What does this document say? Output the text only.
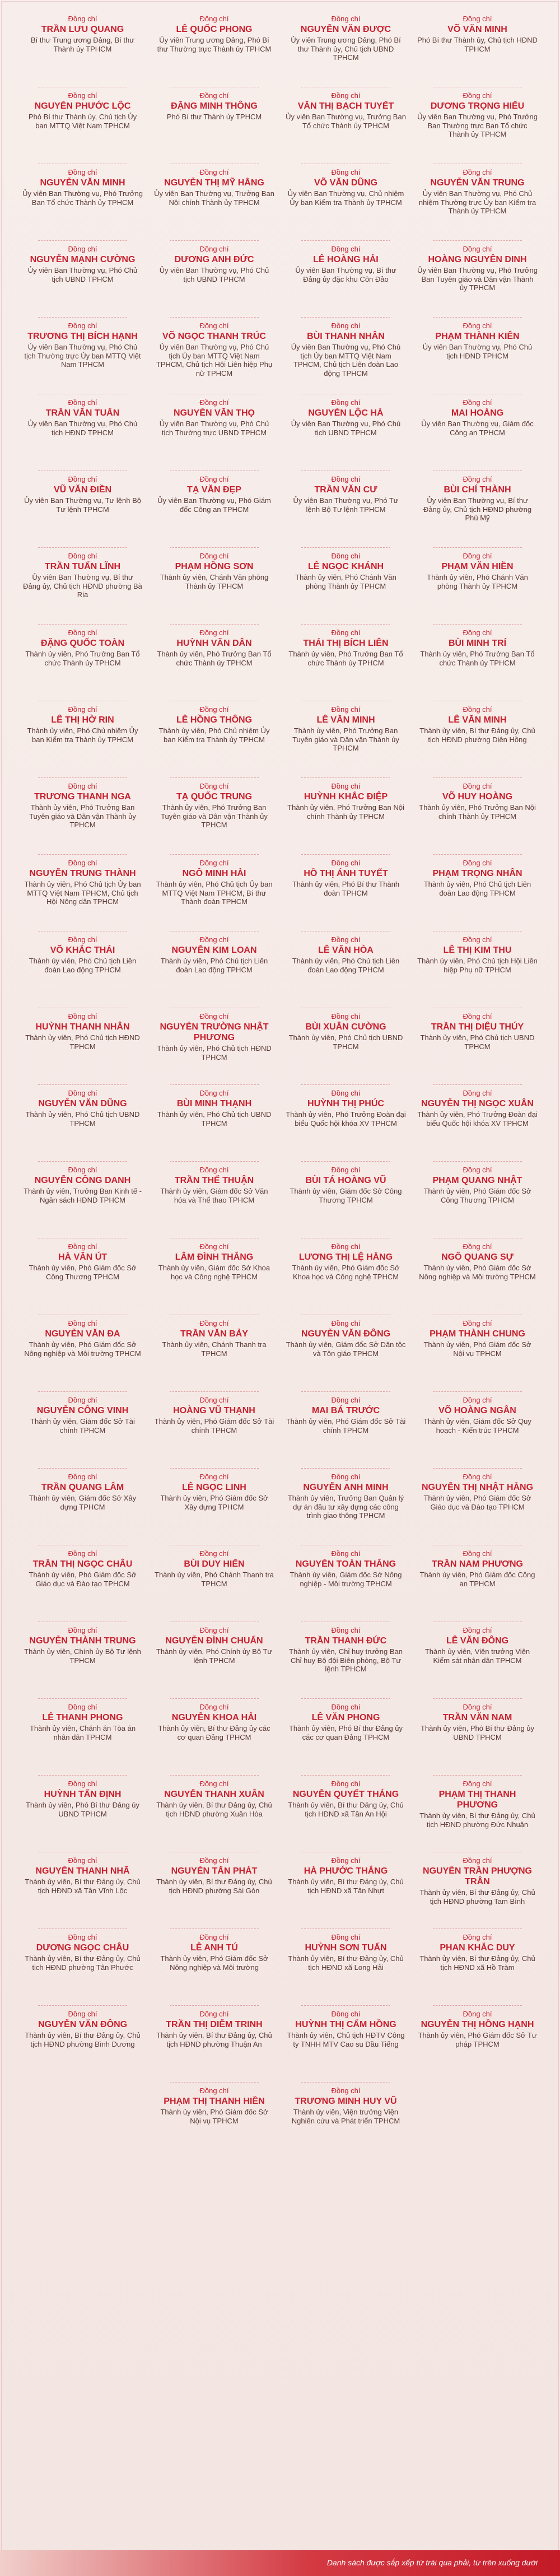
Đồng chí
TRẦN LƯU QUANG
Bí thư Trung ương Đảng, Bí thư Thành ủy TPHCM
Đồng chí
LÊ QUỐC PHONG
Ủy viên Trung ương Đảng, Phó Bí thư Thường trực Thành ủy TPHCM
Đồng chí
NGUYỄN VĂN ĐƯỢC
Ủy viên Trung ương Đảng, Phó Bí thư Thành ủy, Chủ tịch UBND TPHCM
Đồng chí
VÕ VĂN MINH
Phó Bí thư Thành ủy, Chủ tịch HĐND TPHCM
Đồng chí
NGUYỄN PHƯỚC LỘC
Phó Bí thư Thành ủy, Chủ tịch Ủy ban MTTQ Việt Nam TPHCM
Đồng chí
ĐẶNG MINH THÔNG
Phó Bí thư Thành ủy TPHCM
Đồng chí
VĂN THỊ BẠCH TUYẾT
Ủy viên Ban Thường vụ, Trưởng Ban Tổ chức Thành ủy TPHCM
Đồng chí
DƯƠNG TRỌNG HIẾU
Ủy viên Ban Thường vụ, Phó Trưởng Ban Thường trực Ban Tổ chức Thành ủy TPHCM
Đồng chí
NGUYỄN VĂN MINH
Ủy viên Ban Thường vụ, Phó Trưởng Ban Tổ chức Thành ủy TPHCM
Đồng chí
NGUYỄN THỊ MỸ HẰNG
Ủy viên Ban Thường vụ, Trưởng Ban Nội chính Thành ủy TPHCM
Đồng chí
VÕ VĂN DŨNG
Ủy viên Ban Thường vụ, Chủ nhiệm Ủy ban Kiểm tra Thành ủy TPHCM
Đồng chí
NGUYỄN VĂN TRUNG
Ủy viên Ban Thường vụ, Phó Chủ nhiệm Thường trực Ủy ban Kiểm tra Thành ủy TPHCM
Đồng chí
NGUYỄN MẠNH CƯỜNG
Ủy viên Ban Thường vụ, Phó Chủ tịch UBND TPHCM
Đồng chí
DƯƠNG ANH ĐỨC
Ủy viên Ban Thường vụ, Phó Chủ tịch UBND TPHCM
Đồng chí
LÊ HOÀNG HẢI
Ủy viên Ban Thường vụ, Bí thư Đảng ủy đặc khu Côn Đảo
Đồng chí
HOÀNG NGUYÊN DINH
Ủy viên Ban Thường vụ, Phó Trưởng Ban Tuyên giáo và Dân vận Thành ủy TPHCM
Đồng chí
TRƯƠNG THỊ BÍCH HẠNH
Ủy viên Ban Thường vụ, Phó Chủ tịch Thường trực Ủy ban MTTQ Việt Nam TPHCM
Đồng chí
VÕ NGỌC THANH TRÚC
Ủy viên Ban Thường vụ, Phó Chủ tịch Ủy ban MTTQ Việt Nam TPHCM, Chủ tịch Hội Liên hiệp Phụ nữ TPHCM
Đồng chí
BÙI THANH NHÂN
Ủy viên Ban Thường vụ, Phó Chủ tịch Ủy ban MTTQ Việt Nam TPHCM, Chủ tịch Liên đoàn Lao động TPHCM
Đồng chí
PHẠM THÀNH KIÊN
Ủy viên Ban Thường vụ, Phó Chủ tịch HĐND TPHCM
Đồng chí
TRẦN VĂN TUẤN
Ủy viên Ban Thường vụ, Phó Chủ tịch HĐND TPHCM
Đồng chí
NGUYỄN VĂN THỌ
Ủy viên Ban Thường vụ, Phó Chủ tịch Thường trực UBND TPHCM
Đồng chí
NGUYỄN LỘC HÀ
Ủy viên Ban Thường vụ, Phó Chủ tịch UBND TPHCM
Đồng chí
MAI HOÀNG
Ủy viên Ban Thường vụ, Giám đốc Công an TPHCM
Đồng chí
VŨ VĂN ĐIỀN
Ủy viên Ban Thường vụ, Tư lệnh Bộ Tư lệnh TPHCM
Đồng chí
TẠ VĂN ĐẸP
Ủy viên Ban Thường vụ, Phó Giám đốc Công an TPHCM
Đồng chí
TRẦN VĂN CƯ
Ủy viên Ban Thường vụ, Phó Tư lệnh Bộ Tư lệnh TPHCM
Đồng chí
BÙI CHÍ THÀNH
Ủy viên Ban Thường vụ, Bí thư Đảng ủy, Chủ tịch HĐND phường Phú Mỹ
Đồng chí
TRẦN TUẤN LĨNH
Ủy viên Ban Thường vụ, Bí thư Đảng ủy, Chủ tịch HĐND phường Bà Rịa
Đồng chí
PHẠM HỒNG SƠN
Thành ủy viên, Chánh Văn phòng Thành ủy TPHCM
Đồng chí
LÊ NGỌC KHÁNH
Thành ủy viên, Phó Chánh Văn phòng Thành ủy TPHCM
Đồng chí
PHẠM VĂN HIỀN
Thành ủy viên, Phó Chánh Văn phòng Thành ủy TPHCM
Đồng chí
ĐẶNG QUỐC TOÀN
Thành ủy viên, Phó Trưởng Ban Tổ chức Thành ủy TPHCM
Đồng chí
HUỲNH VĂN DÂN
Thành ủy viên, Phó Trưởng Ban Tổ chức Thành ủy TPHCM
Đồng chí
THÁI THỊ BÍCH LIÊN
Thành ủy viên, Phó Trưởng Ban Tổ chức Thành ủy TPHCM
Đồng chí
BÙI MINH TRÍ
Thành ủy viên, Phó Trưởng Ban Tổ chức Thành ủy TPHCM
Đồng chí
LÊ THỊ HỜ RIN
Thành ủy viên, Phó Chủ nhiệm Ủy ban Kiểm tra Thành ủy TPHCM
Đồng chí
LÊ HỒNG THÔNG
Thành ủy viên, Phó Chủ nhiệm Ủy ban Kiểm tra Thành ủy TPHCM
Đồng chí
LÊ VĂN MINH
Thành ủy viên, Phó Trưởng Ban Tuyên giáo và Dân vận Thành ủy TPHCM
Đồng chí
LÊ VĂN MINH
Thành ủy viên, Bí thư Đảng ủy, Chủ tịch HĐND phường Diên Hồng
Đồng chí
TRƯƠNG THANH NGA
Thành ủy viên, Phó Trưởng Ban Tuyên giáo và Dân vận Thành ủy TPHCM
Đồng chí
TẠ QUỐC TRUNG
Thành ủy viên, Phó Trưởng Ban Tuyên giáo và Dân vận Thành ủy TPHCM
Đồng chí
HUỲNH KHẮC ĐIỆP
Thành ủy viên, Phó Trưởng Ban Nội chính Thành ủy TPHCM
Đồng chí
VÕ HUY HOÀNG
Thành ủy viên, Phó Trưởng Ban Nội chính Thành ủy TPHCM
Đồng chí
NGUYỄN TRUNG THÀNH
Thành ủy viên, Phó Chủ tịch Ủy ban MTTQ Việt Nam TPHCM, Chủ tịch Hội Nông dân TPHCM
Đồng chí
NGÔ MINH HẢI
Thành ủy viên, Phó Chủ tịch Ủy ban MTTQ Việt Nam TPHCM, Bí thư Thành đoàn TPHCM
Đồng chí
HỒ THỊ ÁNH TUYẾT
Thành ủy viên, Phó Bí thư Thành đoàn TPHCM
Đồng chí
PHẠM TRỌNG NHÂN
Thành ủy viên, Phó Chủ tịch Liên đoàn Lao động TPHCM
Đồng chí
VÕ KHẮC THÁI
Thành ủy viên, Phó Chủ tịch Liên đoàn Lao động TPHCM
Đồng chí
NGUYỄN KIM LOAN
Thành ủy viên, Phó Chủ tịch Liên đoàn Lao động TPHCM
Đồng chí
LÊ VĂN HÒA
Thành ủy viên, Phó Chủ tịch Liên đoàn Lao động TPHCM
Đồng chí
LÊ THỊ KIM THU
Thành ủy viên, Phó Chủ tịch Hội Liên hiệp Phụ nữ TPHCM
Đồng chí
HUỲNH THANH NHÂN
Thành ủy viên, Phó Chủ tịch HĐND TPHCM
Đồng chí
NGUYỄN TRƯỜNG NHẬT PHƯƠNG
Thành ủy viên, Phó Chủ tịch HĐND TPHCM
Đồng chí
BÙI XUÂN CƯỜNG
Thành ủy viên, Phó Chủ tịch UBND TPHCM
Đồng chí
TRẦN THỊ DIỆU THÚY
Thành ủy viên, Phó Chủ tịch UBND TPHCM
Đồng chí
NGUYỄN VĂN DŨNG
Thành ủy viên, Phó Chủ tịch UBND TPHCM
Đồng chí
BÙI MINH THẠNH
Thành ủy viên, Phó Chủ tịch UBND TPHCM
Đồng chí
HUỲNH THỊ PHÚC
Thành ủy viên, Phó Trưởng Đoàn đại biểu Quốc hội khóa XV TPHCM
Đồng chí
NGUYỄN THỊ NGỌC XUÂN
Thành ủy viên, Phó Trưởng Đoàn đại biểu Quốc hội khóa XV TPHCM
Đồng chí
NGUYỄN CÔNG DANH
Thành ủy viên, Trưởng Ban Kinh tế - Ngân sách HĐND TPHCM
Đồng chí
TRẦN THẾ THUẬN
Thành ủy viên, Giám đốc Sở Văn hóa và Thể thao TPHCM
Đồng chí
BÙI TÁ HOÀNG VŨ
Thành ủy viên, Giám đốc Sở Công Thương TPHCM
Đồng chí
PHẠM QUANG NHẬT
Thành ủy viên, Phó Giám đốc Sở Công Thương TPHCM
Đồng chí
HÀ VĂN ÚT
Thành ủy viên, Phó Giám đốc Sở Công Thương TPHCM
Đồng chí
LÂM ĐÌNH THẮNG
Thành ủy viên, Giám đốc Sở Khoa học và Công nghệ TPHCM
Đồng chí
LƯƠNG THỊ LỆ HẰNG
Thành ủy viên, Phó Giám đốc Sở Khoa học và Công nghệ TPHCM
Đồng chí
NGÔ QUANG SỰ
Thành ủy viên, Phó Giám đốc Sở Nông nghiệp và Môi trường TPHCM
Đồng chí
NGUYỄN VĂN ĐA
Thành ủy viên, Phó Giám đốc Sở Nông nghiệp và Môi trường TPHCM
Đồng chí
TRẦN VĂN BẢY
Thành ủy viên, Chánh Thanh tra TPHCM
Đồng chí
NGUYỄN VĂN ĐÔNG
Thành ủy viên, Giám đốc Sở Dân tộc và Tôn giáo TPHCM
Đồng chí
PHẠM THÀNH CHUNG
Thành ủy viên, Phó Giám đốc Sở Nội vụ TPHCM
Đồng chí
NGUYỄN CÔNG VINH
Thành ủy viên, Giám đốc Sở Tài chính TPHCM
Đồng chí
HOÀNG VŨ THẠNH
Thành ủy viên, Phó Giám đốc Sở Tài chính TPHCM
Đồng chí
MAI BÁ TRƯỚC
Thành ủy viên, Phó Giám đốc Sở Tài chính TPHCM
Đồng chí
VÕ HOÀNG NGÂN
Thành ủy viên, Giám đốc Sở Quy hoạch - Kiến trúc TPHCM
Đồng chí
TRẦN QUANG LÂM
Thành ủy viên, Giám đốc Sở Xây dựng TPHCM
Đồng chí
LÊ NGỌC LINH
Thành ủy viên, Phó Giám đốc Sở Xây dựng TPHCM
Đồng chí
NGUYỄN ANH MINH
Thành ủy viên, Trưởng Ban Quản lý dự án đầu tư xây dựng các công trình giao thông TPHCM
Đồng chí
NGUYỄN THỊ NHẬT HẰNG
Thành ủy viên, Phó Giám đốc Sở Giáo dục và Đào tạo TPHCM
Đồng chí
TRẦN THỊ NGỌC CHÂU
Thành ủy viên, Phó Giám đốc Sở Giáo dục và Đào tạo TPHCM
Đồng chí
BÙI DUY HIỂN
Thành ủy viên, Phó Chánh Thanh tra TPHCM
Đồng chí
NGUYỄN TOÀN THẮNG
Thành ủy viên, Giám đốc Sở Nông nghiệp - Môi trường TPHCM
Đồng chí
TRẦN NAM PHƯƠNG
Thành ủy viên, Phó Giám đốc Công an TPHCM
Đồng chí
NGUYỄN THÀNH TRUNG
Thành ủy viên, Chính ủy Bộ Tư lệnh TPHCM
Đồng chí
NGUYỄN ĐÌNH CHUẨN
Thành ủy viên, Phó Chính ủy Bộ Tư lệnh TPHCM
Đồng chí
TRẦN THANH ĐỨC
Thành ủy viên, Chỉ huy trưởng Ban Chỉ huy Bộ đội Biên phòng, Bộ Tư lệnh TPHCM
Đồng chí
LÊ VĂN ĐÔNG
Thành ủy viên, Viện trưởng Viện Kiểm sát nhân dân TPHCM
Đồng chí
LÊ THANH PHONG
Thành ủy viên, Chánh án Tòa án nhân dân TPHCM
Đồng chí
NGUYỄN KHOA HẢI
Thành ủy viên, Bí thư Đảng ủy các cơ quan Đảng TPHCM
Đồng chí
LÊ VĂN PHONG
Thành ủy viên, Phó Bí thư Đảng ủy các cơ quan Đảng TPHCM
Đồng chí
TRẦN VĂN NAM
Thành ủy viên, Phó Bí thư Đảng ủy UBND TPHCM
Đồng chí
HUỲNH TẤN ĐỊNH
Thành ủy viên, Phó Bí thư Đảng ủy UBND TPHCM
Đồng chí
NGUYỄN THANH XUÂN
Thành ủy viên, Bí thư Đảng ủy, Chủ tịch HĐND phường Xuân Hòa
Đồng chí
NGUYỄN QUYẾT THẮNG
Thành ủy viên, Bí thư Đảng ủy, Chủ tịch HĐND xã Tân An Hội
Đồng chí
PHẠM THỊ THANH PHƯƠNG
Thành ủy viên, Bí thư Đảng ủy, Chủ tịch HĐND phường Đức Nhuận
Đồng chí
NGUYỄN THANH NHÃ
Thành ủy viên, Bí thư Đảng ủy, Chủ tịch HĐND xã Tân Vĩnh Lộc
Đồng chí
NGUYỄN TẤN PHÁT
Thành ủy viên, Bí thư Đảng ủy, Chủ tịch HĐND phường Sài Gòn
Đồng chí
HÀ PHƯỚC THẮNG
Thành ủy viên, Bí thư Đảng ủy, Chủ tịch HĐND xã Tân Nhựt
Đồng chí
NGUYỄN TRẦN PHƯỢNG TRÂN
Thành ủy viên, Bí thư Đảng ủy, Chủ tịch HĐND phường Tam Bình
Đồng chí
DƯƠNG NGỌC CHÂU
Thành ủy viên, Bí thư Đảng ủy, Chủ tịch HĐND phường Tân Phước
Đồng chí
LÊ ANH TÚ
Thành ủy viên, Phó Giám đốc Sở Nông nghiệp và Môi trường
Đồng chí
HUỲNH SƠN TUẤN
Thành ủy viên, Bí thư Đảng ủy, Chủ tịch HĐND xã Long Hải
Đồng chí
PHAN KHẮC DUY
Thành ủy viên, Bí thư Đảng ủy, Chủ tịch HĐND xã Hồ Tràm
Đồng chí
NGUYỄN VĂN ĐÔNG
Thành ủy viên, Bí thư Đảng ủy, Chủ tịch HĐND phường Bình Dương
Đồng chí
TRẦN THỊ DIỄM TRINH
Thành ủy viên, Bí thư Đảng ủy, Chủ tịch HĐND phường Thuận An
Đồng chí
HUỲNH THỊ CẨM HỒNG
Thành ủy viên, Chủ tịch HĐTV Công ty TNHH MTV Cao su Dầu Tiếng
Đồng chí
NGUYỄN THỊ HỒNG HẠNH
Thành ủy viên, Phó Giám đốc Sở Tư pháp TPHCM
Đồng chí
PHẠM THỊ THANH HIỀN
Thành ủy viên, Phó Giám đốc Sở Nội vụ TPHCM
Đồng chí
TRƯƠNG MINH HUY VŨ
Thành ủy viên, Viện trưởng Viện Nghiên cứu và Phát triển TPHCM
Danh sách được sắp xếp từ trái qua phải, từ trên xuống dưới
